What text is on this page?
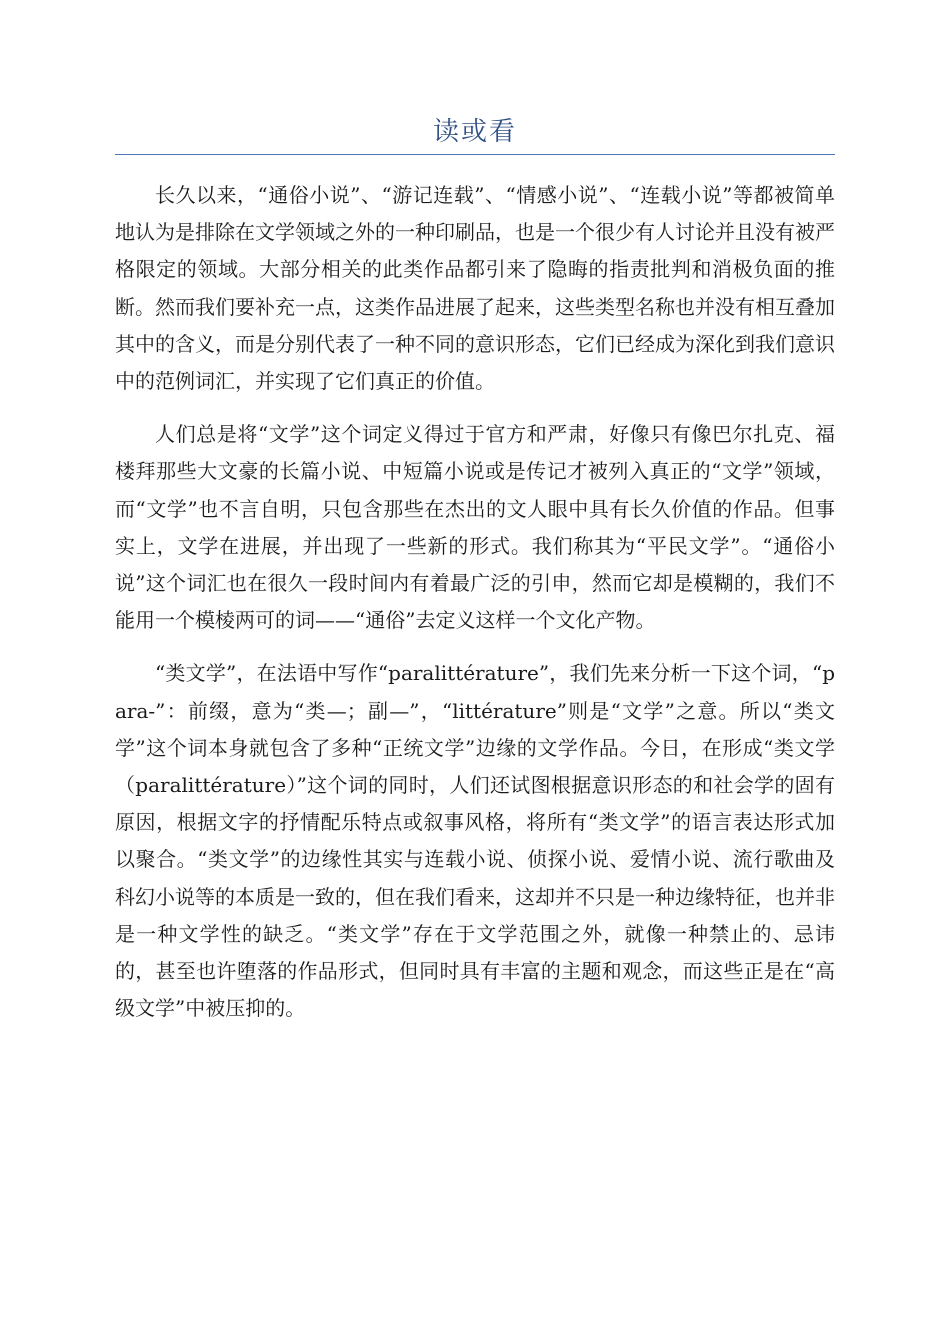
读或看

长久以来，“通俗小说”、“游记连载”、“情感小说”、“连载小说”等都被简单地认为是排除在文学领域之外的一种印刷品，也是一个很少有人讨论并且没有被严格限定的领域。大部分相关的此类作品都引来了隐晦的指责批判和消极负面的推断。然而我们要补充一点，这类作品进展了起来，这些类型名称也并没有相互叠加其中的含义，而是分别代表了一种不同的意识形态，它们已经成为深化到我们意识中的范例词汇，并实现了它们真正的价值。

人们总是将“文学”这个词定义得过于官方和严肃，好像只有像巴尔扎克、福楼拜那些大文豪的长篇小说、中短篇小说或是传记才被列入真正的“文学”领域，而“文学”也不言自明，只包含那些在杰出的文人眼中具有长久价值的作品。但事实上，文学在进展，并出现了一些新的形式。我们称其为“平民文学”。“通俗小说”这个词汇也在很久一段时间内有着最广泛的引申，然而它却是模糊的，我们不能用一个模棱两可的词——“通俗”去定义这样一个文化产物。

“类文学”，在法语中写作“paralittérature”，我们先来分析一下这个词，“para-”：前缀，意为“类—；副—”，“littérature”则是“文学”之意。所以“类文学”这个词本身就包含了多种“正统文学”边缘的文学作品。今日，在形成“类文学（paralittérature）”这个词的同时，人们还试图根据意识形态的和社会学的固有原因，根据文字的抒情配乐特点或叙事风格，将所有“类文学”的语言表达形式加以聚合。“类文学”的边缘性其实与连载小说、侦探小说、爱情小说、流行歌曲及科幻小说等的本质是一致的，但在我们看来，这却并不只是一种边缘特征，也并非是一种文学性的缺乏。“类文学”存在于文学范围之外，就像一种禁止的、忌讳的，甚至也许堕落的作品形式，但同时具有丰富的主题和观念，而这些正是在“高级文学”中被压抑的。
